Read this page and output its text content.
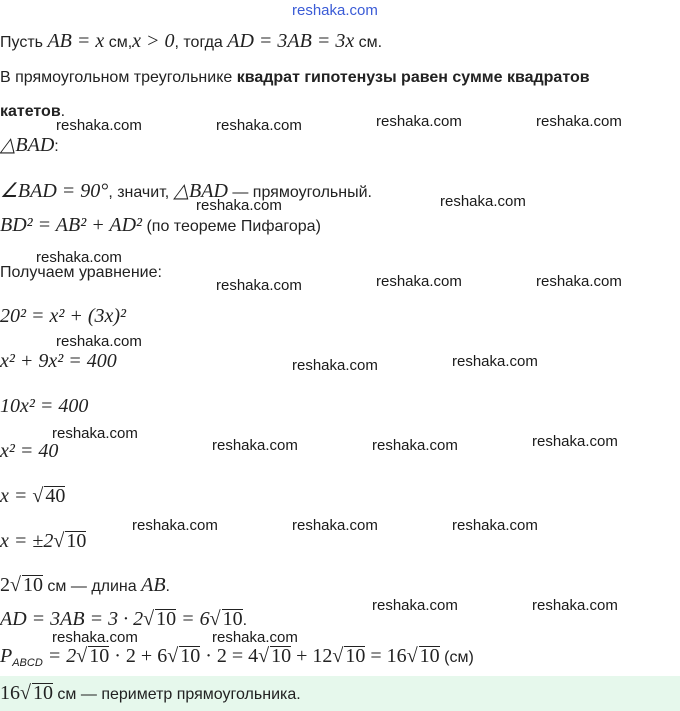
reshaka.com
Пусть AB = x см,x > 0, тогда AD = 3AB = 3x см.
В прямоугольном треугольнике квадрат гипотенузы равен сумме квадратов
катетов.
△BAD:
∠BAD = 90°, значит, △BAD — прямоугольный.
BD² = AB² + AD² (по теореме Пифагора)
Получаем уравнение:
20² = x² + (3x)²
x² + 9x² = 400
10x² = 400
x² = 40
x = √ 40
x = ±2√ 10
2√ 10 см — длина AB.
AD = 3AB = 3 · 2√ 10 = 6√ 10.
$P_{ABCD} = 2√$ 10 · 2 + 6√ 10 · 2 = 4√ 10 + 12√ 10 = 16√ 10 (см)
16√ 10 см — периметр прямоугольника.
reshaka.com	reshaka.com	reshaka.com	reshaka.com
reshaka.com	reshaka.com
reshaka.com
reshaka.com	reshaka.com	reshaka.com
reshaka.com
reshaka.com	reshaka.com
reshaka.com
reshaka.com	reshaka.com	reshaka.com
reshaka.com	reshaka.com	reshaka.com
reshaka.com	reshaka.com
reshaka.com	reshaka.com
